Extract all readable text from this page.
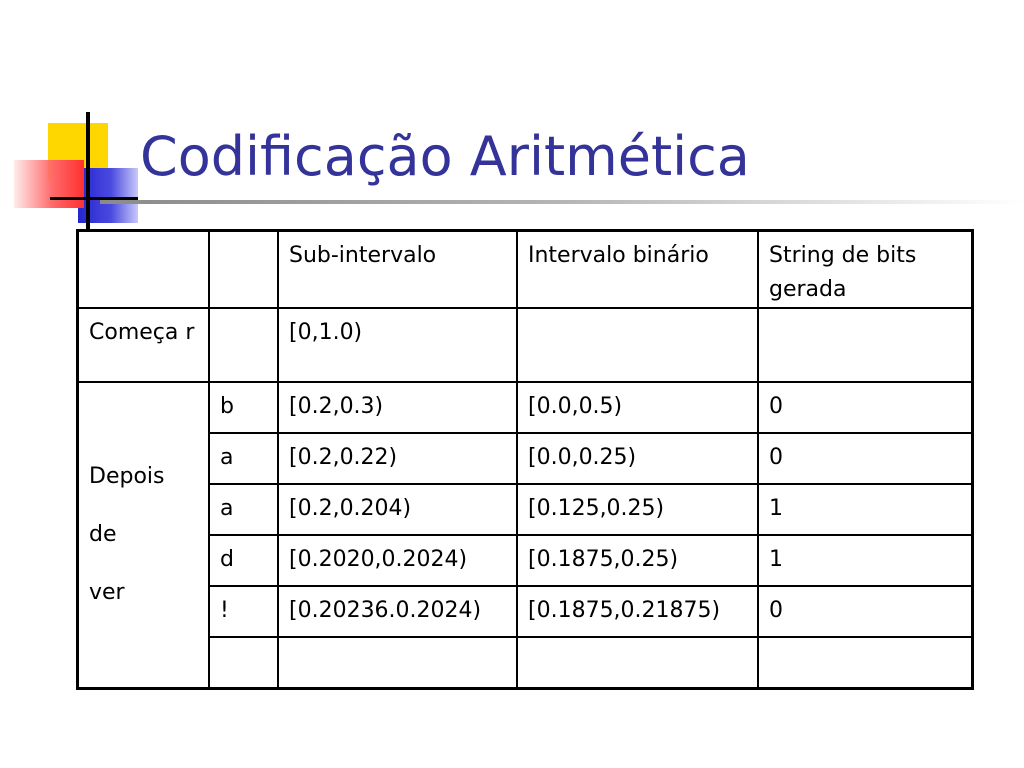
Codificação Aritmética
		Sub-intervalo	Intervalo binário	String de bits gerada
Começa r		[0,1.0)		

Depois
de
ver	b	[0.2,0.3)	[0.0,0.5)	0
	a	[0.2,0.22)	[0.0,0.25)	0
	a	[0.2,0.204)	[0.125,0.25)	1
	d	[0.2020,0.2024)	[0.1875,0.25)	1
	!	[0.20236.0.2024)	[0.1875,0.21875)	0
